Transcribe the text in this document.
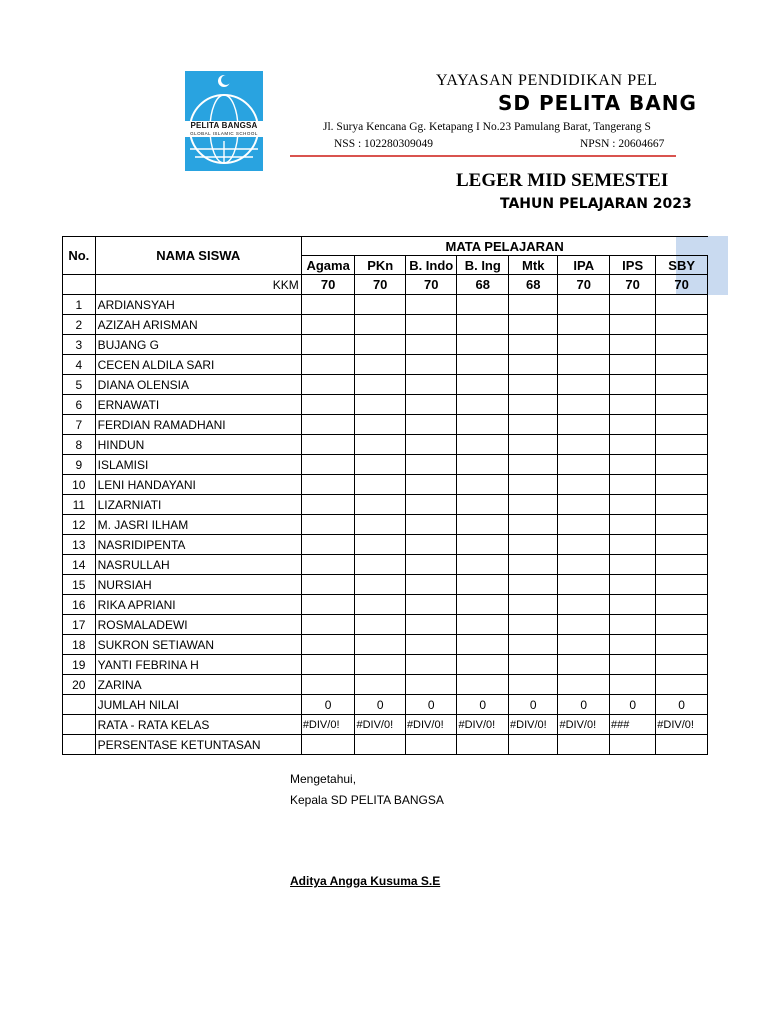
PELITA BANGSA
GLOBAL ISLAMIC SCHOOL
YAYASAN PENDIDIKAN PEL
SD PELITA BANG
Jl. Surya Kencana Gg. Ketapang I No.23 Pamulang Barat, Tangerang S
NSS : 102280309049	NPSN : 20604667
LEGER MID SEMESTEI
TAHUN PELAJARAN 2023
No.	NAMA SISWA	MATA PELAJARAN							
		Agama	PKn	B. Indo	B. Ing	Mtk	IPA	IPS	SBY
	KKM	70	70	70	68	68	70	70	70
1	ARDIANSYAH								
2	AZIZAH ARISMAN								
3	BUJANG G								
4	CECEN ALDILA SARI								
5	DIANA OLENSIA								
6	ERNAWATI								
7	FERDIAN RAMADHANI								
8	HINDUN								
9	ISLAMISI								
10	LENI HANDAYANI								
11	LIZARNIATI								
12	M. JASRI ILHAM								
13	NASRIDIPENTA								
14	NASRULLAH								
15	NURSIAH								
16	RIKA APRIANI								
17	ROSMALADEWI								
18	SUKRON SETIAWAN								
19	YANTI FEBRINA H								
20	ZARINA								
	JUMLAH NILAI	0	0	0	0	0	0	0	0
	RATA - RATA KELAS	#DIV/0!	#DIV/0!	#DIV/0!	#DIV/0!	#DIV/0!	#DIV/0!	###	#DIV/0!
	PERSENTASE KETUNTASAN								
Mengetahui,
Kepala SD PELITA BANGSA
Aditya Angga Kusuma S.E
